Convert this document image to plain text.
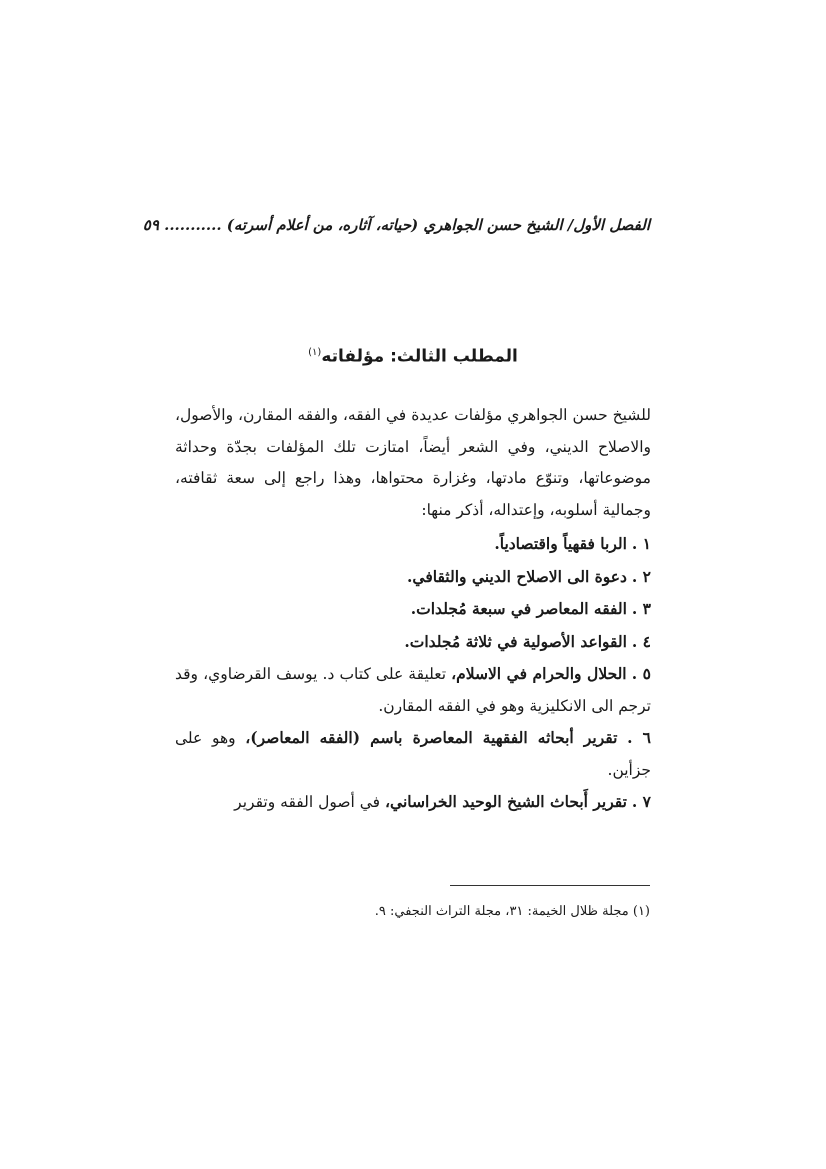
الفصل الأول/ الشيخ حسن الجواهري (حياته، آثاره، من أعلام أسرته) ........... ٥٩
المطلب الثالث: مؤلفاته$^{(١)}$

للشيخ حسن الجواهري مؤلفات عديدة في الفقه، والفقه المقارن، والأصول، والاصلاح الديني، وفي الشعر أيضاً، امتازت تلك المؤلفات بجدّة وحداثة موضوعاتها، وتنوّع مادتها، وغزارة محتواها، وهذا راجع إلى سعة ثقافته، وجمالية أسلوبه، وإعتداله، أذكر منها:

١ . الربا فقهياً واقتصادياً.

٢ . دعوة الى الاصلاح الديني والثقافي.

٣ . الفقه المعاصر في سبعة مُجلدات.

٤ . القواعد الأصولية في ثلاثة مُجلدات.

٥ . الحلال والحرام في الاسلام، تعليقة على كتاب د. يوسف القرضاوي، وقد ترجم الى الانكليزية وهو في الفقه المقارن.

٦ . تقرير أبحاثه الفقهية المعاصرة باسم (الفقه المعاصر)، وهو على جزأين.

٧ . تقرير أَبحاث الشيخ الوحيد الخراساني، في أصول الفقه وتقرير

(١) مجلة ظلال الخيمة: ٣١، مجلة التراث النجفي: ٩.
